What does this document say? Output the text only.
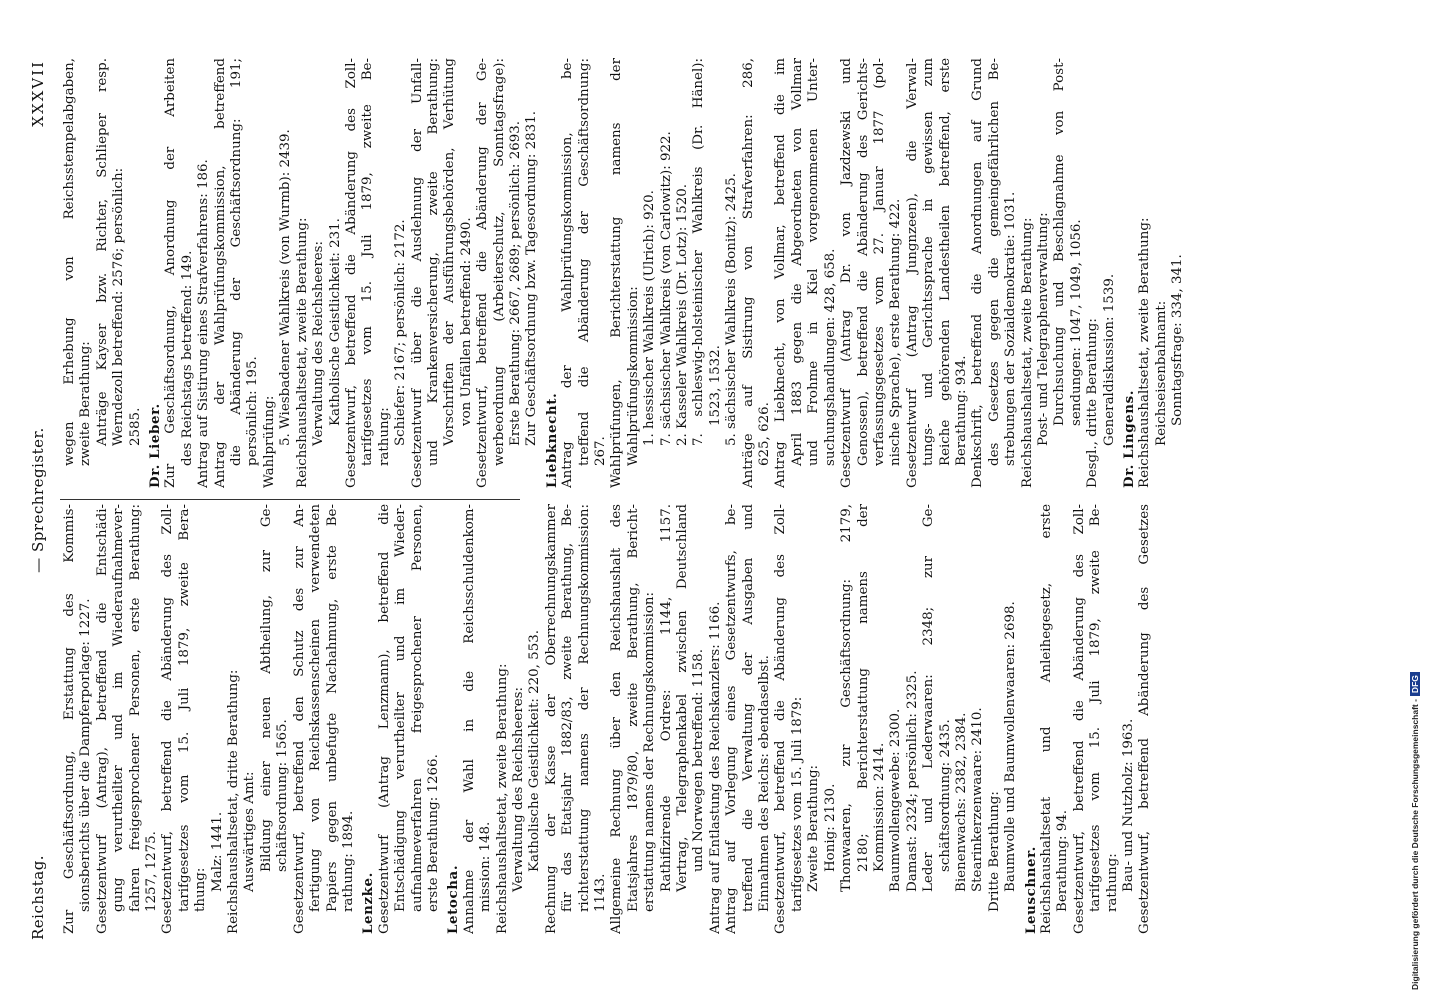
Reichstag.
— Sprechregister.
XXXVII
Zur Geschäftsordnung, Erstattung des Kommis- sionsberichts über die Dampferporlage: 1227. Gesetzentwurf (Antrag), betreffend die Entschädi- gung verurtheilter und im Wiederaufnahmever- fahren freigesprochener Personen, erste Berathung: 1257, 1275. Gesetzentwurf, betreffend die Abänderung des Zoll- tarifgesetzes vom 15. Juli 1879, zweite Bera- thung: Malz: 1441. Reichshaushaltsetat, dritte Berathung: Auswärtiges Amt: Bildung einer neuen Abtheilung, zur Ge- schäftsordnung: 1565. Gesetzentwurf, betreffend den Schutz des zur An- fertigung von Reichskassenscheinen verwendeten Papiers gegen unbefugte Nachahmung, erste Be- rathung: 1894. Lenzke. Gesetzentwurf (Antrag Lenzmann), betreffend die Entschädigung verurtheilter und im Wieder- aufnahmeverfahren freigesprochener Personen, erste Berathung: 1266. Letocha. Annahme der Wahl in die Reichsschuldenkom- mission: 148. Reichshaushaltsetat, zweite Berathung: Verwaltung des Reichsheeres: Katholische Geistlichkeit: 220, 553. Rechnung der Kasse der Oberrechnungskammer für das Etatsjahr 1882/83, zweite Berathung, Be- richterstattung namens der Rechnungskommission: 1143. Allgemeine Rechnung über den Reichshaushalt des Etatsjahres 1879/80, zweite Berathung, Bericht- erstattung namens der Rechnungskommission: Rathifizirende Ordres: 1144, 1157. Vertrag, Telegraphenkabel zwischen Deutschland und Norwegen betreffend: 1158. Antrag auf Entlastung des Reichskanzlers: 1166. Antrag auf Vorlegung eines Gesetzentwurfs, be- treffend die Verwaltung der Ausgaben und Einnahmen des Reichs: ebendaselbst. Gesetzentwurf, betreffend die Abänderung des Zoll- tarifgesetzes vom 15. Juli 1879: Zweite Berathung: Honig: 2130. Thonwaaren, zur Geschäftsordnung: 2179, 2180; Berichterstattung namens der Kommission: 2414. Baumwollengewebe: 2300. Damast: 2324; persönlich: 2325. Leder und Lederwaaren: 2348; zur Ge- schäftsordnung: 2435. Bienenwachs: 2382, 2384. Stearinkerzenwaare: 2410. Dritte Berathung: Baumwolle und Baumwollenwaaren: 2698. Leuschner. Reichshaushaltsetat und Anleihegesetz, erste Berathung: 94. Gesetzentwurf, betreffend die Abänderung des Zoll- tarifgesetzes vom 15. Juli 1879, zweite Be- rathung: Bau- und Nutzholz: 1963. Gesetzentwurf, betreffend Abänderung des Gesetzes
wegen Erhebung von Reichsstempelabgaben, zweite Berathung: Anträge Kayser bzw. Richter, Schlieper resp. Werndezoll betreffend: 2576; persönlich: 2585. Dr. Lieber. Zur Geschäftsordnung, Anordnung der Arbeiten des Reichstags betreffend: 149. Antrag auf Sistirung eines Strafverfahrens: 186. Antrag der Wahlprüfungskommission, betreffend die Abänderung der Geschäftsordnung: 191; persönlich: 195. Wahlprüfung: 5. Wiesbadener Wahlkreis (von Wurmb): 2439. Reichshaushaltsetat, zweite Berathung: Verwaltung des Reichsheeres: Katholische Geistlichkeit: 231. Gesetzentwurf, betreffend die Abänderung des Zoll- tarifgesetzes vom 15. Juli 1879, zweite Be- rathung: Schiefer: 2167; persönlich: 2172. Gesetzentwurf über die Ausdehnung der Unfall- und Krankenversicherung, zweite Berathung: Vorschriften der Ausführungsbehörden, Verhütung von Unfällen betreffend: 2490. Gesetzentwurf, betreffend die Abänderung der Ge- werbeordnung (Arbeiterschutz, Sonntagsfrage): Erste Berathung: 2667, 2689; persönlich: 2693. Zur Geschäftsordnung bzw. Tagesordnung: 2831. Liebknecht. Antrag der Wahlprüfungskommission, be- treffend die Abänderung der Geschäftsordnung: 267. Wahlprüfungen, Berichterstattung namens der Wahlprüfungskommission: 1. hessischer Wahlkreis (Ulrich): 920. 7. sächsischer Wahlkreis (von Carlowitz): 922. 2. Kasseler Wahlkreis (Dr. Lotz): 1520. 7. schleswig-holsteinischer Wahlkreis (Dr. Hänel): 1523, 1532. 5. sächsischer Wahlkreis (Bonitz): 2425. Anträge auf Sistirung von Strafverfahren: 286, 625, 626. Antrag Liebknecht, von Vollmar, betreffend die im April 1883 gegen die Abgeordneten von Vollmar und Frohme in Kiel vorgenommenen Unter- suchungshandlungen: 428, 658. Gesetzentwurf (Antrag Dr. von Jazdzewski und Genossen), betreffend die Abänderung des Gerichts- verfassungsgesetzes vom 27. Januar 1877 (pol- nische Sprache), erste Berathung: 422. Gesetzentwurf (Antrag Jungnzeen), die Verwal- tungs- und Gerichtssprache in gewissen zum Reiche gehörenden Landestheilen betreffend, erste Berathung: 934. Denkschrift, betreffend die Anordnungen auf Grund des Gesetzes gegen die gemeingefährlichen Be- strebungen der Sozialdemokratie: 1031. Reichshaushaltsetat, zweite Berathung: Post- und Telegraphenverwaltung: Durchsuchung und Beschlagnahme von Post- sendungen: 1047, 1049, 1056. Desgl., dritte Berathung: Generaldiskussion: 1539. Dr. Lingens. Reichshaushaltsetat, zweite Berathung: Reichseisenbahnamt: Sonntagsfrage: 334, 341.
Digitalisierung gefördert durch die Deutsche Forschungsgemeinschaft -DFG
